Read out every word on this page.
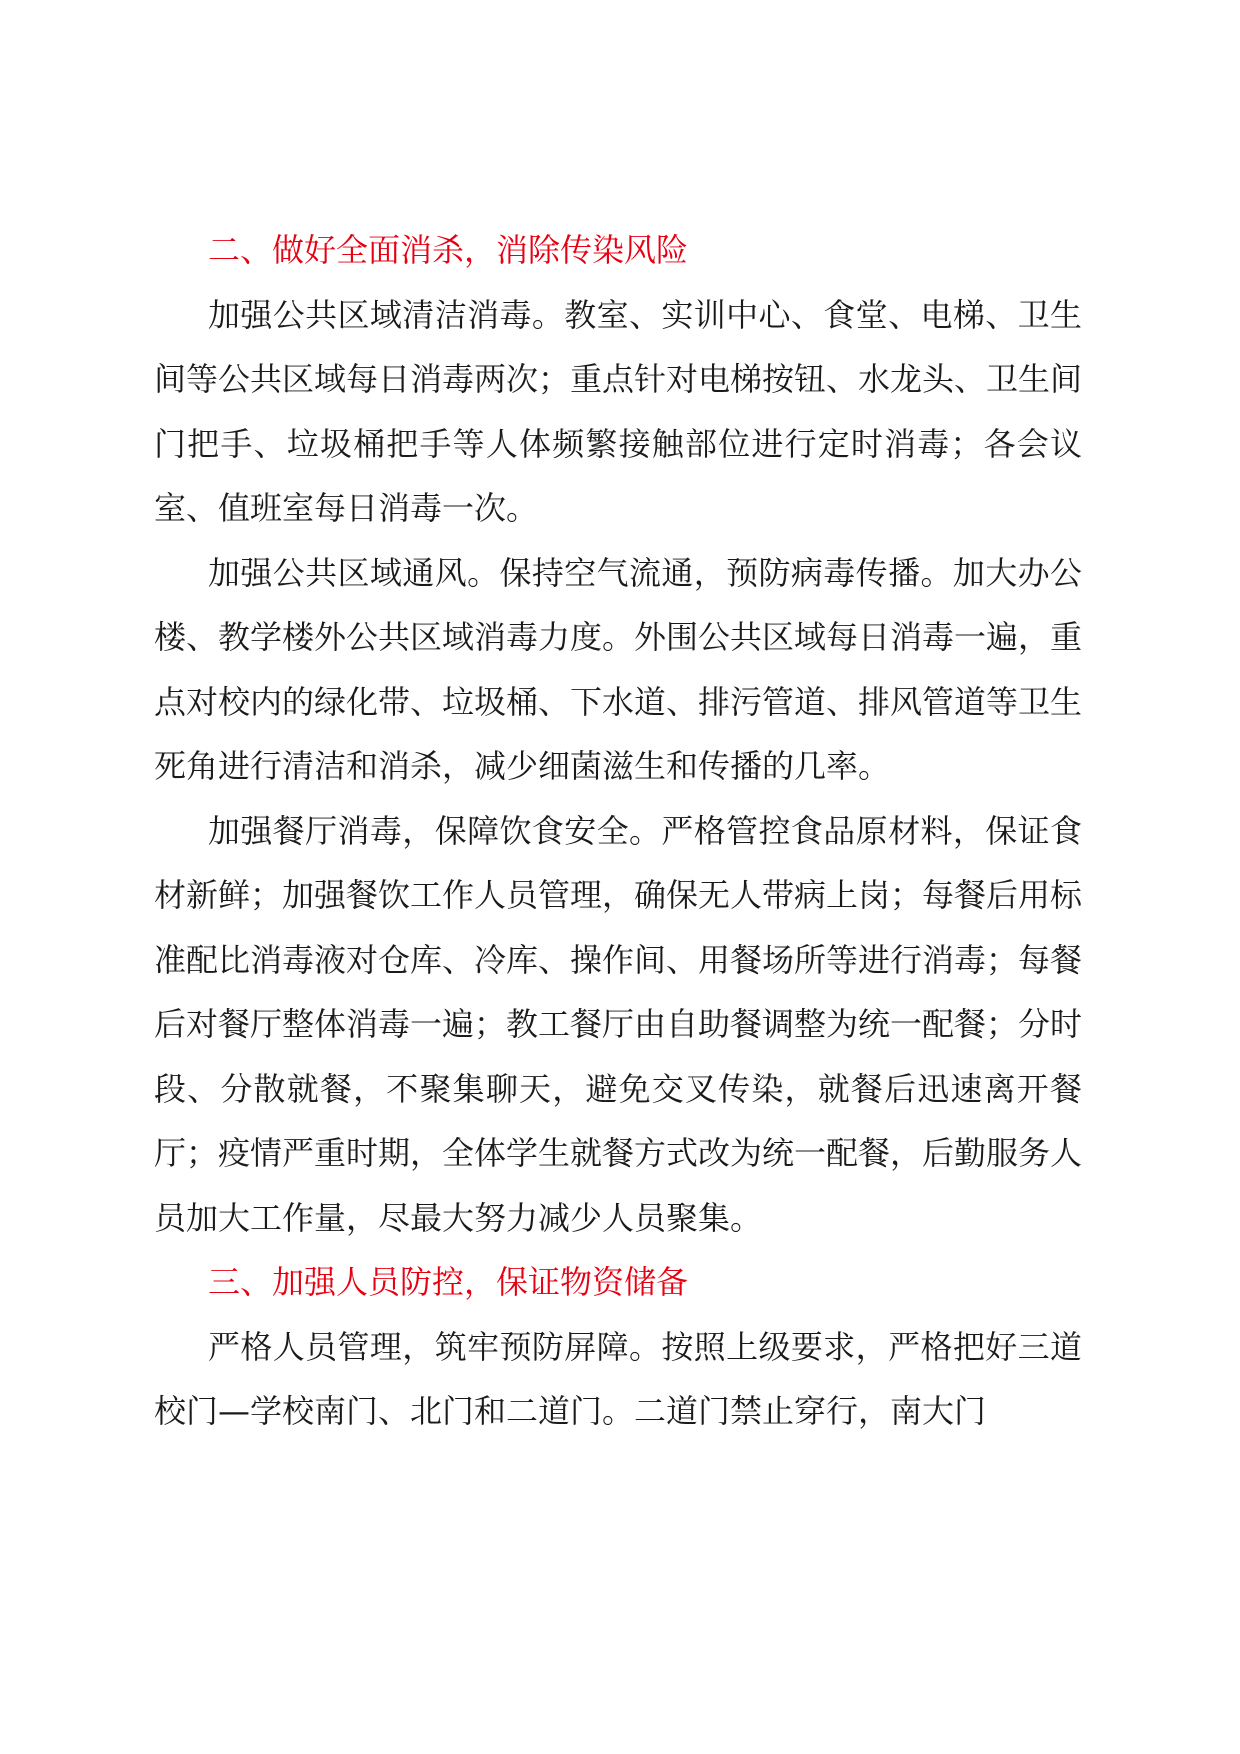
二、做好全面消杀，消除传染风险

加强公共区域清洁消毒。教室、实训中心、食堂、电梯、卫生间等公共区域每日消毒两次；重点针对电梯按钮、水龙头、卫生间门把手、垃圾桶把手等人体频繁接触部位进行定时消毒；各会议室、值班室每日消毒一次。

加强公共区域通风。保持空气流通，预防病毒传播。加大办公楼、教学楼外公共区域消毒力度。外围公共区域每日消毒一遍，重点对校内的绿化带、垃圾桶、下水道、排污管道、排风管道等卫生死角进行清洁和消杀，减少细菌滋生和传播的几率。

加强餐厅消毒，保障饮食安全。严格管控食品原材料，保证食材新鲜；加强餐饮工作人员管理，确保无人带病上岗；每餐后用标准配比消毒液对仓库、冷库、操作间、用餐场所等进行消毒；每餐后对餐厅整体消毒一遍；教工餐厅由自助餐调整为统一配餐；分时段、分散就餐，不聚集聊天，避免交叉传染，就餐后迅速离开餐厅；疫情严重时期，全体学生就餐方式改为统一配餐，后勤服务人员加大工作量，尽最大努力减少人员聚集。

三、加强人员防控，保证物资储备

严格人员管理，筑牢预防屏障。按照上级要求，严格把好三道校门—学校南门、北门和二道门。二道门禁止穿行，南大门
